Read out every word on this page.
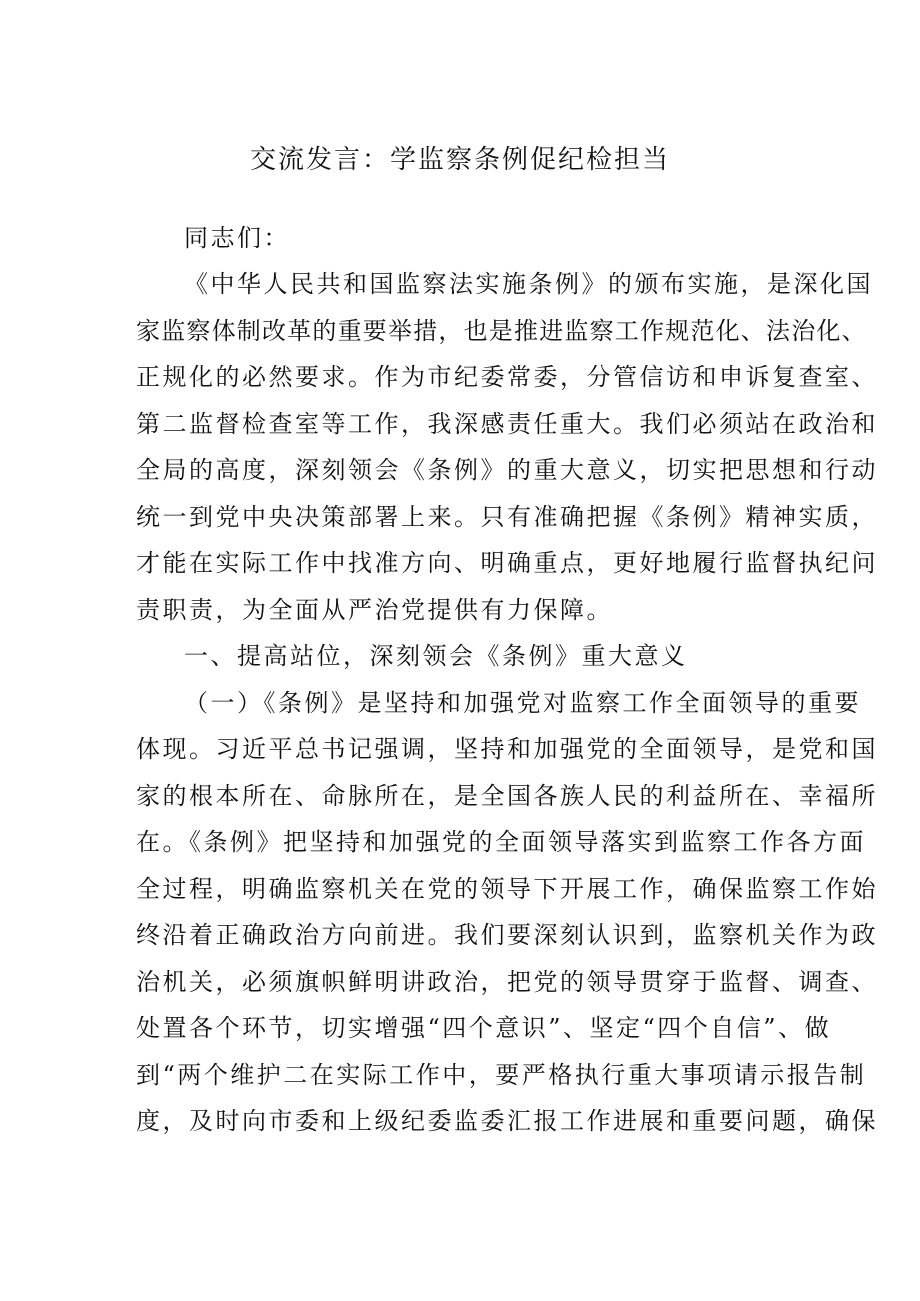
交流发言：学监察条例促纪检担当
同志们：
《中华人民共和国监察法实施条例》的颁布实施，是深化国
家监察体制改革的重要举措，也是推进监察工作规范化、法治化、
正规化的必然要求。作为市纪委常委，分管信访和申诉复查室、
第二监督检查室等工作，我深感责任重大。我们必须站在政治和
全局的高度，深刻领会《条例》的重大意义，切实把思想和行动
统一到党中央决策部署上来。只有准确把握《条例》精神实质，
才能在实际工作中找准方向、明确重点，更好地履行监督执纪问
责职责，为全面从严治党提供有力保障。
一、提高站位，深刻领会《条例》重大意义
（一）《条例》是坚持和加强党对监察工作全面领导的重要
体现。习近平总书记强调，坚持和加强党的全面领导，是党和国
家的根本所在、命脉所在，是全国各族人民的利益所在、幸福所
在。《条例》把坚持和加强党的全面领导落实到监察工作各方面
全过程，明确监察机关在党的领导下开展工作，确保监察工作始
终沿着正确政治方向前进。我们要深刻认识到，监察机关作为政
治机关，必须旗帜鲜明讲政治，把党的领导贯穿于监督、调查、
处置各个环节，切实增强“四个意识”、坚定“四个自信”、做
到“两个维护二在实际工作中，要严格执行重大事项请示报告制
度，及时向市委和上级纪委监委汇报工作进展和重要问题，确保
